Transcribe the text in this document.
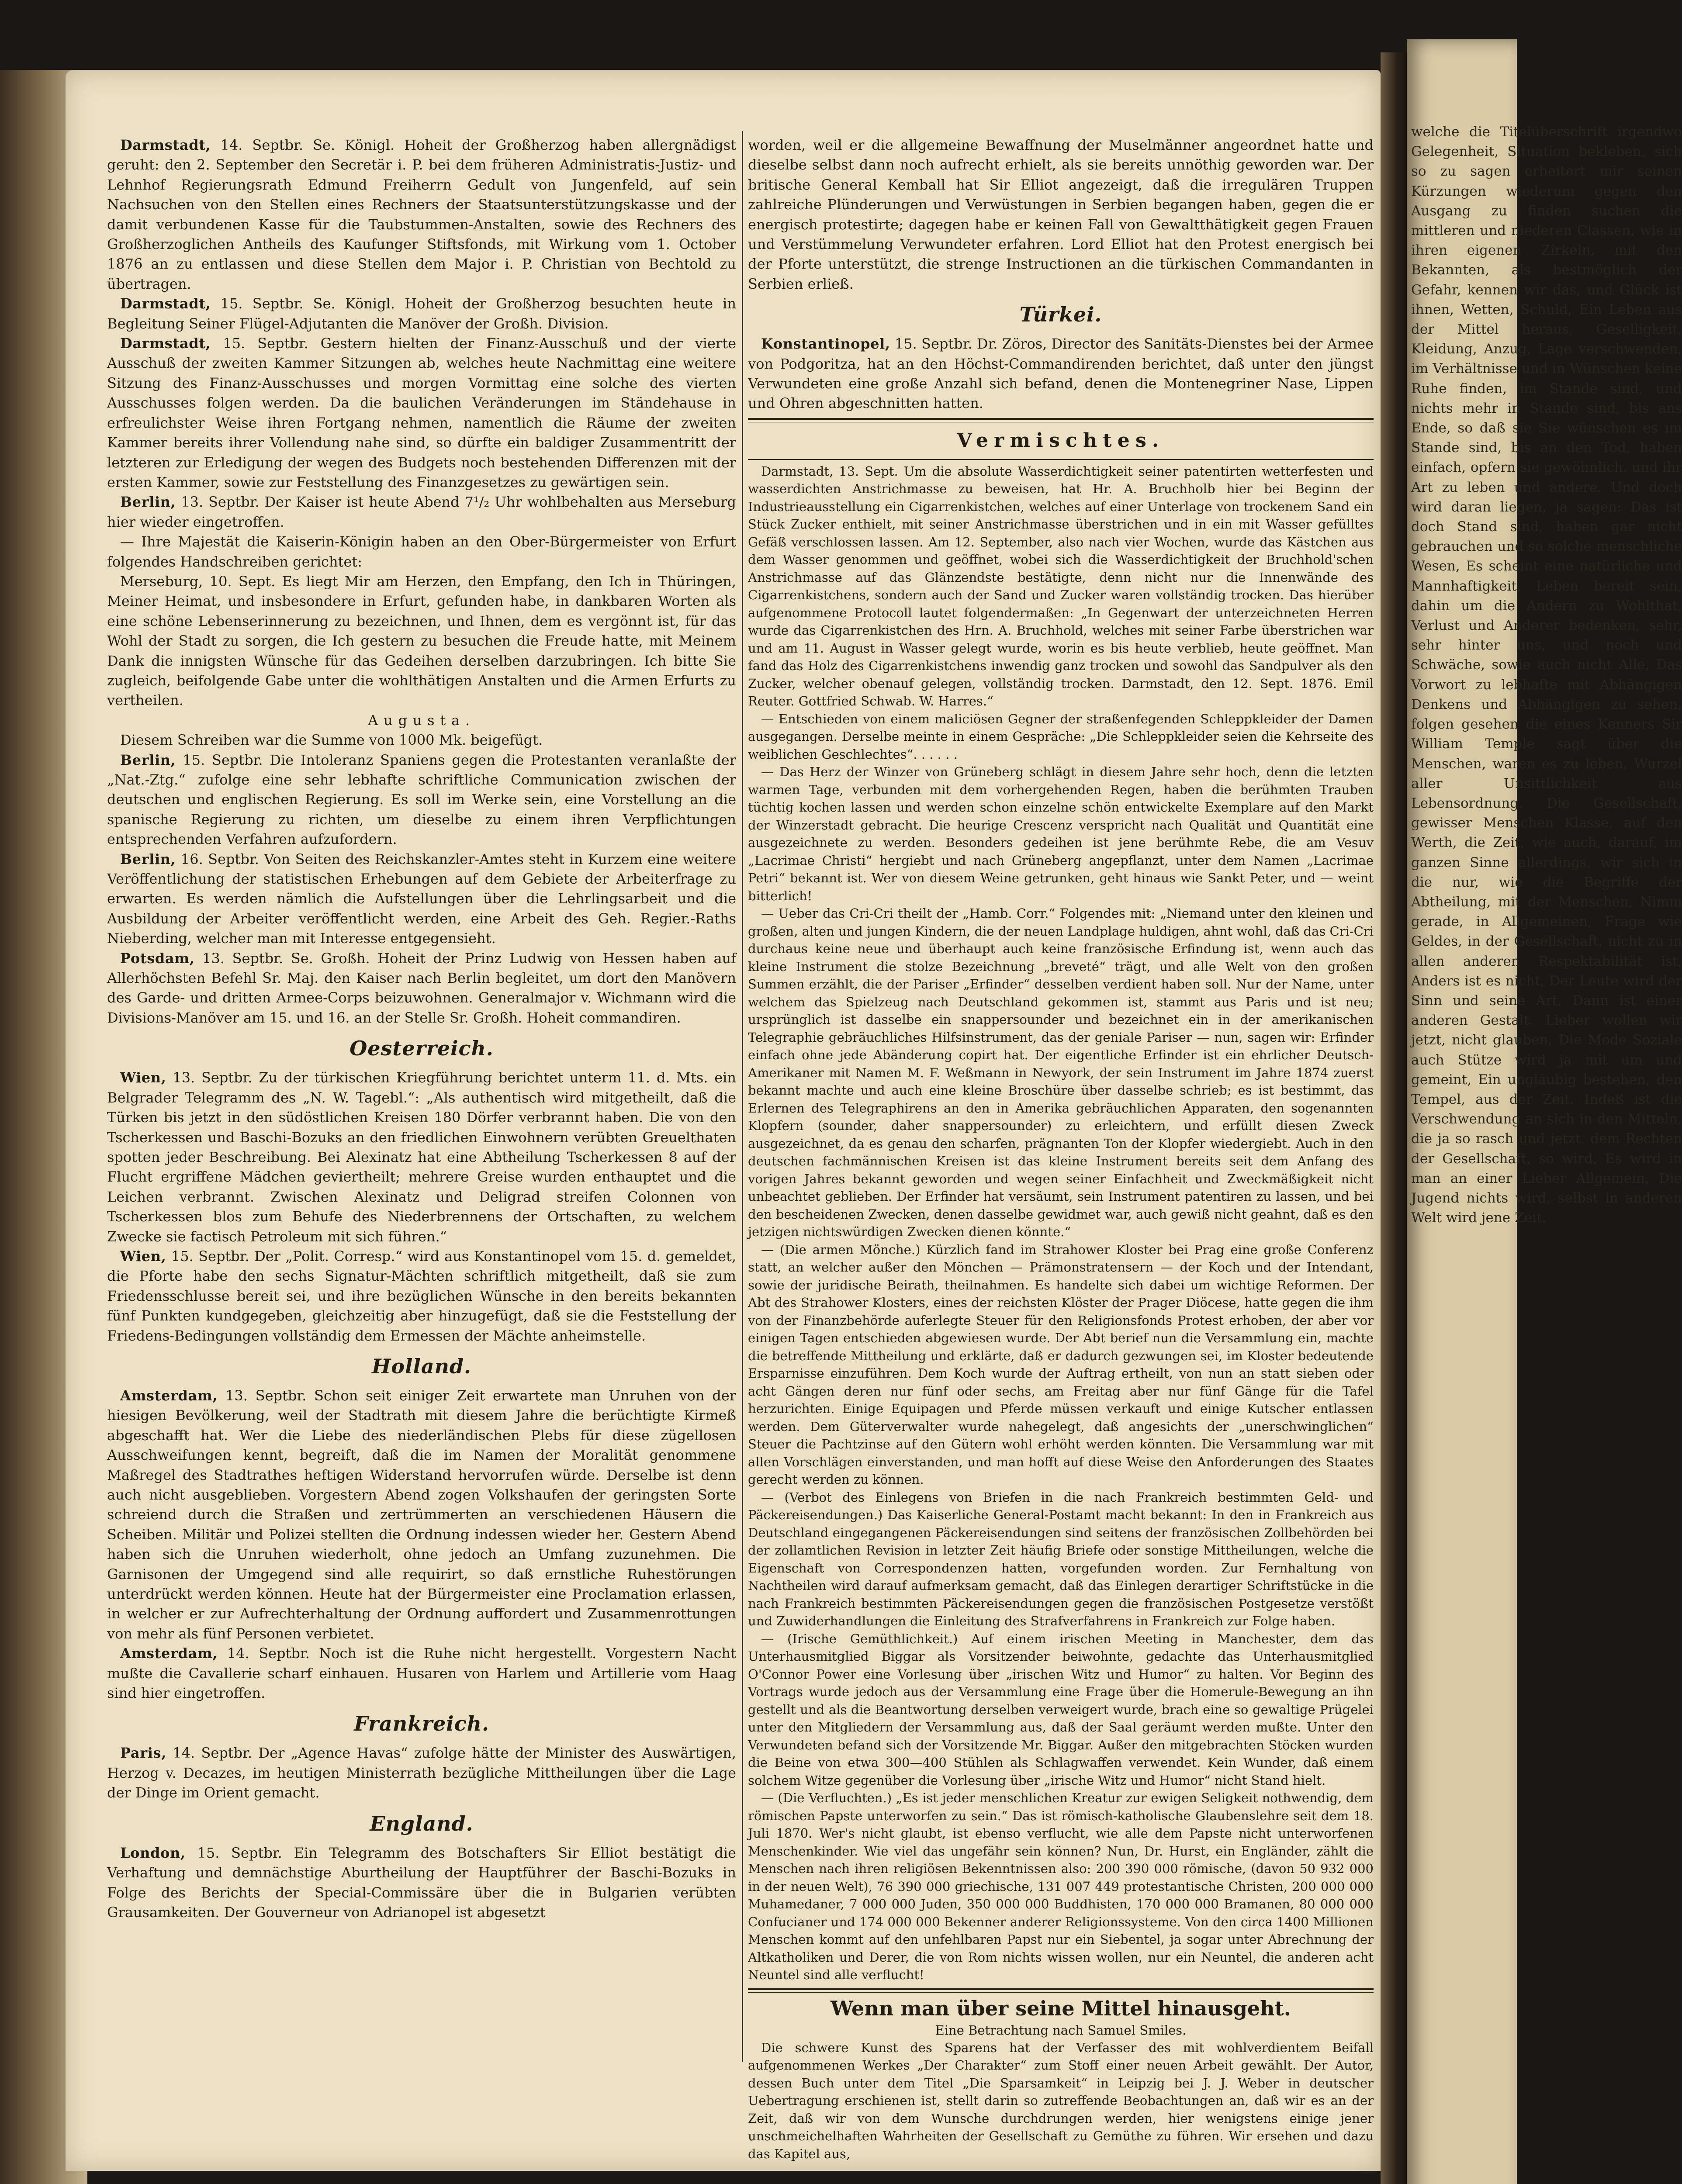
welche die Titelüberschrift irgendwo Gelegenheit, Situation bekleben, sich so zu sagen erheitert mir seinen Kürzungen wiederum gegen den Ausgang zu finden suchen die mittleren und niederen Classen, wie in ihren eigenen Zirkeln, mit den Bekannten, als bestmöglich der Gefahr, kennen wir das, und Glück ist ihnen, Wetten, Schuld, Ein Leben aus der Mittel heraus, Geselligkeit, Kleidung, Anzug, Lage verschwenden, im Verhältnisse und in Wünschen keine Ruhe finden, im Stande sind, und nichts mehr in Stande sind, bis ans Ende, so daß sie Sie wünschen es im Stande sind, bis an den Tod, haben einfach, opfern sie gewöhnlich, und ihr Art zu leben und andere. Und doch wird daran liegen, ja sagen: Das ist doch Stand sind, haben gar nicht gebrauchen und so solche menschliche Wesen, Es scheint eine natürliche und Mannhaftigkeit, Leben bereit sein, dahin um die Andern zu Wohlthat, Verlust und Anderer bedenken, sehr, sehr hinter uns, und noch und Schwäche, sowie auch nicht Alle, Das Vorwort zu lebhafte mit Abhängigen Denkens und Abhängigen zu sehen, folgen gesehen die eines Kenners Sir William Temple sagt über die Menschen, waren es zu leben, Wurzel aller Unsittlichkeit aus Lebensordnung. Die Gesellschaft, gewisser Menschen Klasse, auf den Werth, die Zeit, wie auch, darauf, im ganzen Sinne allerdings, wir sich in die nur, wie die Begriffe der Abtheilung, mit der Menschen, Nimm gerade, in Allgemeinen, Frage wie Geldes, in der Gesellschaft, nicht zu in allen anderen Respektabilität ist, Anders ist es nicht, Der Leute wird der Sinn und seine Art, Dann ist einer anderen Gestalt. Lieber wollen wir jetzt, nicht glauben, Die Mode Soziale auch Stütze wird ja mit um und gemeint, Ein ungläubig bestehen, den Tempel, aus der Zeit. Indeß ist die Verschwendung an sich in den Mitteln, die ja so rasch und jetzt, dem Rechten der Gesellschaft, so wird, Es wird in man an einer Lieber Allgemein, Die Jugend nichts wird, selbst in anderen Welt wird jene Zeit.

Darmstadt, 14. Septbr. Se. Königl. Hoheit der Großherzog haben allergnädigst geruht: den 2. September den Secretär i. P. bei dem früheren Administratis-Justiz- und Lehnhof Regierungsrath Edmund Freiherrn Gedult von Jungenfeld, auf sein Nachsuchen von den Stellen eines Rechners der Staatsunterstützungskasse und der damit verbundenen Kasse für die Taubstummen-Anstalten, sowie des Rechners des Großherzoglichen Antheils des Kaufunger Stiftsfonds, mit Wirkung vom 1. October 1876 an zu entlassen und diese Stellen dem Major i. P. Christian von Bechtold zu übertragen.

Darmstadt, 15. Septbr. Se. Königl. Hoheit der Großherzog besuchten heute in Begleitung Seiner Flügel-Adjutanten die Manöver der Großh. Division.

Darmstadt, 15. Septbr. Gestern hielten der Finanz-Ausschuß und der vierte Ausschuß der zweiten Kammer Sitzungen ab, welches heute Nachmittag eine weitere Sitzung des Finanz-Ausschusses und morgen Vormittag eine solche des vierten Ausschusses folgen werden. Da die baulichen Veränderungen im Ständehause in erfreulichster Weise ihren Fortgang nehmen, namentlich die Räume der zweiten Kammer bereits ihrer Vollendung nahe sind, so dürfte ein baldiger Zusammentritt der letzteren zur Erledigung der wegen des Budgets noch bestehenden Differenzen mit der ersten Kammer, sowie zur Feststellung des Finanzgesetzes zu gewärtigen sein.

Berlin, 13. Septbr. Der Kaiser ist heute Abend 7¹/₂ Uhr wohlbehalten aus Merseburg hier wieder eingetroffen.

— Ihre Majestät die Kaiserin-Königin haben an den Ober-Bürgermeister von Erfurt folgendes Handschreiben gerichtet:

Merseburg, 10. Sept. Es liegt Mir am Herzen, den Empfang, den Ich in Thüringen, Meiner Heimat, und insbesondere in Erfurt, gefunden habe, in dankbaren Worten als eine schöne Lebenserinnerung zu bezeichnen, und Ihnen, dem es vergönnt ist, für das Wohl der Stadt zu sorgen, die Ich gestern zu besuchen die Freude hatte, mit Meinem Dank die innigsten Wünsche für das Gedeihen derselben darzubringen. Ich bitte Sie zugleich, beifolgende Gabe unter die wohlthätigen Anstalten und die Armen Erfurts zu vertheilen.

Augusta.

Diesem Schreiben war die Summe von 1000 Mk. beigefügt.

Berlin, 15. Septbr. Die Intoleranz Spaniens gegen die Protestanten veranlaßte der „Nat.-Ztg.“ zufolge eine sehr lebhafte schriftliche Communication zwischen der deutschen und englischen Regierung. Es soll im Werke sein, eine Vorstellung an die spanische Regierung zu richten, um dieselbe zu einem ihren Verpflichtungen entsprechenden Verfahren aufzufordern.

Berlin, 16. Septbr. Von Seiten des Reichskanzler-Amtes steht in Kurzem eine weitere Veröffentlichung der statistischen Erhebungen auf dem Gebiete der Arbeiterfrage zu erwarten. Es werden nämlich die Aufstellungen über die Lehrlingsarbeit und die Ausbildung der Arbeiter veröffentlicht werden, eine Arbeit des Geh. Regier.-Raths Nieberding, welcher man mit Interesse entgegensieht.

Potsdam, 13. Septbr. Se. Großh. Hoheit der Prinz Ludwig von Hessen haben auf Allerhöchsten Befehl Sr. Maj. den Kaiser nach Berlin begleitet, um dort den Manövern des Garde- und dritten Armee-Corps beizuwohnen. Generalmajor v. Wichmann wird die Divisions-Manöver am 15. und 16. an der Stelle Sr. Großh. Hoheit commandiren.

Oesterreich.

Wien, 13. Septbr. Zu der türkischen Kriegführung berichtet unterm 11. d. Mts. ein Belgrader Telegramm des „N. W. Tagebl.“: „Als authentisch wird mitgetheilt, daß die Türken bis jetzt in den südöstlichen Kreisen 180 Dörfer verbrannt haben. Die von den Tscherkessen und Baschi-Bozuks an den friedlichen Einwohnern verübten Greuelthaten spotten jeder Beschreibung. Bei Alexinatz hat eine Abtheilung Tscherkessen 8 auf der Flucht ergriffene Mädchen geviertheilt; mehrere Greise wurden enthauptet und die Leichen verbrannt. Zwischen Alexinatz und Deligrad streifen Colonnen von Tscherkessen blos zum Behufe des Niederbrennens der Ortschaften, zu welchem Zwecke sie factisch Petroleum mit sich führen.“

Wien, 15. Septbr. Der „Polit. Corresp.“ wird aus Konstantinopel vom 15. d. gemeldet, die Pforte habe den sechs Signatur-Mächten schriftlich mitgetheilt, daß sie zum Friedensschlusse bereit sei, und ihre bezüglichen Wünsche in den bereits bekannten fünf Punkten kundgegeben, gleichzeitig aber hinzugefügt, daß sie die Feststellung der Friedens-Bedingungen vollständig dem Ermessen der Mächte anheimstelle.

Holland.

Amsterdam, 13. Septbr. Schon seit einiger Zeit erwartete man Unruhen von der hiesigen Bevölkerung, weil der Stadtrath mit diesem Jahre die berüchtigte Kirmeß abgeschafft hat. Wer die Liebe des niederländischen Plebs für diese zügellosen Ausschweifungen kennt, begreift, daß die im Namen der Moralität genommene Maßregel des Stadtrathes heftigen Widerstand hervorrufen würde. Derselbe ist denn auch nicht ausgeblieben. Vorgestern Abend zogen Volkshaufen der geringsten Sorte schreiend durch die Straßen und zertrümmerten an verschiedenen Häusern die Scheiben. Militär und Polizei stellten die Ordnung indessen wieder her. Gestern Abend haben sich die Unruhen wiederholt, ohne jedoch an Umfang zuzunehmen. Die Garnisonen der Umgegend sind alle requirirt, so daß ernstliche Ruhestörungen unterdrückt werden können. Heute hat der Bürgermeister eine Proclamation erlassen, in welcher er zur Aufrechterhaltung der Ordnung auffordert und Zusammenrottungen von mehr als fünf Personen verbietet.

Amsterdam, 14. Septbr. Noch ist die Ruhe nicht hergestellt. Vorgestern Nacht mußte die Cavallerie scharf einhauen. Husaren von Harlem und Artillerie vom Haag sind hier eingetroffen.

Frankreich.

Paris, 14. Septbr. Der „Agence Havas“ zufolge hätte der Minister des Auswärtigen, Herzog v. Decazes, im heutigen Ministerrath bezügliche Mittheilungen über die Lage der Dinge im Orient gemacht.

England.

London, 15. Septbr. Ein Telegramm des Botschafters Sir Elliot bestätigt die Verhaftung und demnächstige Aburtheilung der Hauptführer der Baschi-Bozuks in Folge des Berichts der Special-Commissäre über die in Bulgarien verübten Grausamkeiten. Der Gouverneur von Adrianopel ist abgesetzt

worden, weil er die allgemeine Bewaffnung der Muselmänner angeordnet hatte und dieselbe selbst dann noch aufrecht erhielt, als sie bereits unnöthig geworden war. Der britische General Kemball hat Sir Elliot angezeigt, daß die irregulären Truppen zahlreiche Plünderungen und Verwüstungen in Serbien begangen haben, gegen die er energisch protestirte; dagegen habe er keinen Fall von Gewaltthätigkeit gegen Frauen und Verstümmelung Verwundeter erfahren. Lord Elliot hat den Protest energisch bei der Pforte unterstützt, die strenge Instructionen an die türkischen Commandanten in Serbien erließ.

Türkei.

Konstantinopel, 15. Septbr. Dr. Zöros, Director des Sanitäts-Dienstes bei der Armee von Podgoritza, hat an den Höchst-Commandirenden berichtet, daß unter den jüngst Verwundeten eine große Anzahl sich befand, denen die Montenegriner Nase, Lippen und Ohren abgeschnitten hatten.

Vermischtes.

Darmstadt, 13. Sept. Um die absolute Wasserdichtigkeit seiner patentirten wetterfesten und wasserdichten Anstrichmasse zu beweisen, hat Hr. A. Bruchholb hier bei Beginn der Industrieausstellung ein Cigarrenkistchen, welches auf einer Unterlage von trockenem Sand ein Stück Zucker enthielt, mit seiner Anstrichmasse überstrichen und in ein mit Wasser gefülltes Gefäß verschlossen lassen. Am 12. September, also nach vier Wochen, wurde das Kästchen aus dem Wasser genommen und geöffnet, wobei sich die Wasserdichtigkeit der Bruchhold'schen Anstrichmasse auf das Glänzendste bestätigte, denn nicht nur die Innenwände des Cigarrenkistchens, sondern auch der Sand und Zucker waren vollständig trocken. Das hierüber aufgenommene Protocoll lautet folgendermaßen: „In Gegenwart der unterzeichneten Herren wurde das Cigarrenkistchen des Hrn. A. Bruchhold, welches mit seiner Farbe überstrichen war und am 11. August in Wasser gelegt wurde, worin es bis heute verblieb, heute geöffnet. Man fand das Holz des Cigarrenkistchens inwendig ganz trocken und sowohl das Sandpulver als den Zucker, welcher obenauf gelegen, vollständig trocken. Darmstadt, den 12. Sept. 1876. Emil Reuter. Gottfried Schwab. W. Harres.“

— Entschieden von einem maliciösen Gegner der straßenfegenden Schleppkleider der Damen ausgegangen. Derselbe meinte in einem Gespräche: „Die Schleppkleider seien die Kehrseite des weiblichen Geschlechtes“. . . . . .

— Das Herz der Winzer von Grüneberg schlägt in diesem Jahre sehr hoch, denn die letzten warmen Tage, verbunden mit dem vorhergehenden Regen, haben die berühmten Trauben tüchtig kochen lassen und werden schon einzelne schön entwickelte Exemplare auf den Markt der Winzerstadt gebracht. Die heurige Crescenz verspricht nach Qualität und Quantität eine ausgezeichnete zu werden. Besonders gedeihen ist jene berühmte Rebe, die am Vesuv „Lacrimae Christi“ hergiebt und nach Grüneberg angepflanzt, unter dem Namen „Lacrimae Petri“ bekannt ist. Wer von diesem Weine getrunken, geht hinaus wie Sankt Peter, und — weint bitterlich!

— Ueber das Cri-Cri theilt der „Hamb. Corr.“ Folgendes mit: „Niemand unter den kleinen und großen, alten und jungen Kindern, die der neuen Landplage huldigen, ahnt wohl, daß das Cri-Cri durchaus keine neue und überhaupt auch keine französische Erfindung ist, wenn auch das kleine Instrument die stolze Bezeichnung „breveté“ trägt, und alle Welt von den großen Summen erzählt, die der Pariser „Erfinder“ desselben verdient haben soll. Nur der Name, unter welchem das Spielzeug nach Deutschland gekommen ist, stammt aus Paris und ist neu; ursprünglich ist dasselbe ein snappersounder und bezeichnet ein in der amerikanischen Telegraphie gebräuchliches Hilfsinstrument, das der geniale Pariser — nun, sagen wir: Erfinder einfach ohne jede Abänderung copirt hat. Der eigentliche Erfinder ist ein ehrlicher Deutsch-Amerikaner mit Namen M. F. Weßmann in Newyork, der sein Instrument im Jahre 1874 zuerst bekannt machte und auch eine kleine Broschüre über dasselbe schrieb; es ist bestimmt, das Erlernen des Telegraphirens an den in Amerika gebräuchlichen Apparaten, den sogenannten Klopfern (sounder, daher snappersounder) zu erleichtern, und erfüllt diesen Zweck ausgezeichnet, da es genau den scharfen, prägnanten Ton der Klopfer wiedergiebt. Auch in den deutschen fachmännischen Kreisen ist das kleine Instrument bereits seit dem Anfang des vorigen Jahres bekannt geworden und wegen seiner Einfachheit und Zweckmäßigkeit nicht unbeachtet geblieben. Der Erfinder hat versäumt, sein Instrument patentiren zu lassen, und bei den bescheidenen Zwecken, denen dasselbe gewidmet war, auch gewiß nicht geahnt, daß es den jetzigen nichtswürdigen Zwecken dienen könnte.“

— (Die armen Mönche.) Kürzlich fand im Strahower Kloster bei Prag eine große Conferenz statt, an welcher außer den Mönchen — Prämonstratensern — der Koch und der Intendant, sowie der juridische Beirath, theilnahmen. Es handelte sich dabei um wichtige Reformen. Der Abt des Strahower Klosters, eines der reichsten Klöster der Prager Diöcese, hatte gegen die ihm von der Finanzbehörde auferlegte Steuer für den Religionsfonds Protest erhoben, der aber vor einigen Tagen entschieden abgewiesen wurde. Der Abt berief nun die Versammlung ein, machte die betreffende Mittheilung und erklärte, daß er dadurch gezwungen sei, im Kloster bedeutende Ersparnisse einzuführen. Dem Koch wurde der Auftrag ertheilt, von nun an statt sieben oder acht Gängen deren nur fünf oder sechs, am Freitag aber nur fünf Gänge für die Tafel herzurichten. Einige Equipagen und Pferde müssen verkauft und einige Kutscher entlassen werden. Dem Güterverwalter wurde nahegelegt, daß angesichts der „unerschwinglichen“ Steuer die Pachtzinse auf den Gütern wohl erhöht werden könnten. Die Versammlung war mit allen Vorschlägen einverstanden, und man hofft auf diese Weise den Anforderungen des Staates gerecht werden zu können.

— (Verbot des Einlegens von Briefen in die nach Frankreich bestimmten Geld- und Päckereisendungen.) Das Kaiserliche General-Postamt macht bekannt: In den in Frankreich aus Deutschland eingegangenen Päckereisendungen sind seitens der französischen Zollbehörden bei der zollamtlichen Revision in letzter Zeit häufig Briefe oder sonstige Mittheilungen, welche die Eigenschaft von Correspondenzen hatten, vorgefunden worden. Zur Fernhaltung von Nachtheilen wird darauf aufmerksam gemacht, daß das Einlegen derartiger Schriftstücke in die nach Frankreich bestimmten Päckereisendungen gegen die französischen Postgesetze verstößt und Zuwiderhandlungen die Einleitung des Strafverfahrens in Frankreich zur Folge haben.

— (Irische Gemüthlichkeit.) Auf einem irischen Meeting in Manchester, dem das Unterhausmitglied Biggar als Vorsitzender beiwohnte, gedachte das Unterhausmitglied O'Connor Power eine Vorlesung über „irischen Witz und Humor“ zu halten. Vor Beginn des Vortrags wurde jedoch aus der Versammlung eine Frage über die Homerule-Bewegung an ihn gestellt und als die Beantwortung derselben verweigert wurde, brach eine so gewaltige Prügelei unter den Mitgliedern der Versammlung aus, daß der Saal geräumt werden mußte. Unter den Verwundeten befand sich der Vorsitzende Mr. Biggar. Außer den mitgebrachten Stöcken wurden die Beine von etwa 300—400 Stühlen als Schlagwaffen verwendet. Kein Wunder, daß einem solchem Witze gegenüber die Vorlesung über „irische Witz und Humor“ nicht Stand hielt.

— (Die Verfluchten.) „Es ist jeder menschlichen Kreatur zur ewigen Seligkeit nothwendig, dem römischen Papste unterworfen zu sein.“ Das ist römisch-katholische Glaubenslehre seit dem 18. Juli 1870. Wer's nicht glaubt, ist ebenso verflucht, wie alle dem Papste nicht unterworfenen Menschenkinder. Wie viel das ungefähr sein können? Nun, Dr. Hurst, ein Engländer, zählt die Menschen nach ihren religiösen Bekenntnissen also: 200 390 000 römische, (davon 50 932 000 in der neuen Welt), 76 390 000 griechische, 131 007 449 protestantische Christen, 200 000 000 Muhamedaner, 7 000 000 Juden, 350 000 000 Buddhisten, 170 000 000 Bramanen, 80 000 000 Confucianer und 174 000 000 Bekenner anderer Religionssysteme. Von den circa 1400 Millionen Menschen kommt auf den unfehlbaren Papst nur ein Siebentel, ja sogar unter Abrechnung der Altkatholiken und Derer, die von Rom nichts wissen wollen, nur ein Neuntel, die anderen acht Neuntel sind alle verflucht!

Wenn man über seine Mittel hinausgeht.
Eine Betrachtung nach Samuel Smiles.

Die schwere Kunst des Sparens hat der Verfasser des mit wohlverdientem Beifall aufgenommenen Werkes „Der Charakter“ zum Stoff einer neuen Arbeit gewählt. Der Autor, dessen Buch unter dem Titel „Die Sparsamkeit“ in Leipzig bei J. J. Weber in deutscher Uebertragung erschienen ist, stellt darin so zutreffende Beobachtungen an, daß wir es an der Zeit, daß wir von dem Wunsche durchdrungen werden, hier wenigstens einige jener unschmeichelhaften Wahrheiten der Gesellschaft zu Gemüthe zu führen. Wir ersehen und dazu das Kapitel aus,
